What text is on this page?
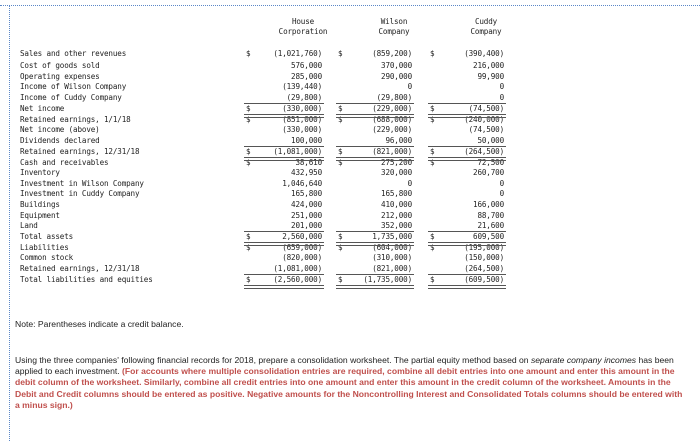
House
Corporation
Wilson
Company
Cuddy
Company
Sales and other revenues	$	(1,021,760) $	(859,200) $	(390,400)
Cost of goods sold	576,000	370,000	216,000
Operating expenses	285,000	290,000	99,900
Income of Wilson Company	(139,440)	0	0
Income of Cuddy Company	(29,800)	(29,800)	0
Net income	$	(330,000) $	(229,000) $	(74,500)
Retained earnings, 1/1/18	$	(851,000) $	(688,000) $	(240,000)
Net income (above)	(330,000)	(229,000)	(74,500)
Dividends declared	100,000	96,000	50,000
Retained earnings, 12/31/18	$	(1,081,000) $	(821,000) $	(264,500)
Cash and receivables	$	38,610 $	275,200 $	72,500
Inventory	432,950	320,000	260,700
Investment in Wilson Company	1,046,640	0	0
Investment in Cuddy Company	165,800	165,800	0
Buildings	424,000	410,000	166,000
Equipment	251,000	212,000	88,700
Land	201,000	352,000	21,600
Total assets	$	2,560,000 $	1,735,000 $	609,500
Liabilities	$	(659,000) $	(604,000) $	(195,000)
Common stock	(820,000)	(310,000)	(150,000)
Retained earnings, 12/31/18	(1,081,000)	(821,000)	(264,500)
Total liabilities and equities	$	(2,560,000) $	(1,735,000) $	(609,500)
Note: Parentheses indicate a credit balance.
Using the three companies' following financial records for 2018, prepare a consolidation worksheet. The partial equity method based on separate company incomes has been applied to each investment. (For accounts where multiple consolidation entries are required, combine all debit entries into one amount and enter this amount in the debit column of the worksheet. Similarly, combine all credit entries into one amount and enter this amount in the credit column of the worksheet. Amounts in the Debit and Credit columns should be entered as positive. Negative amounts for the Noncontrolling Interest and Consolidated Totals columns should be entered with a minus sign.)
